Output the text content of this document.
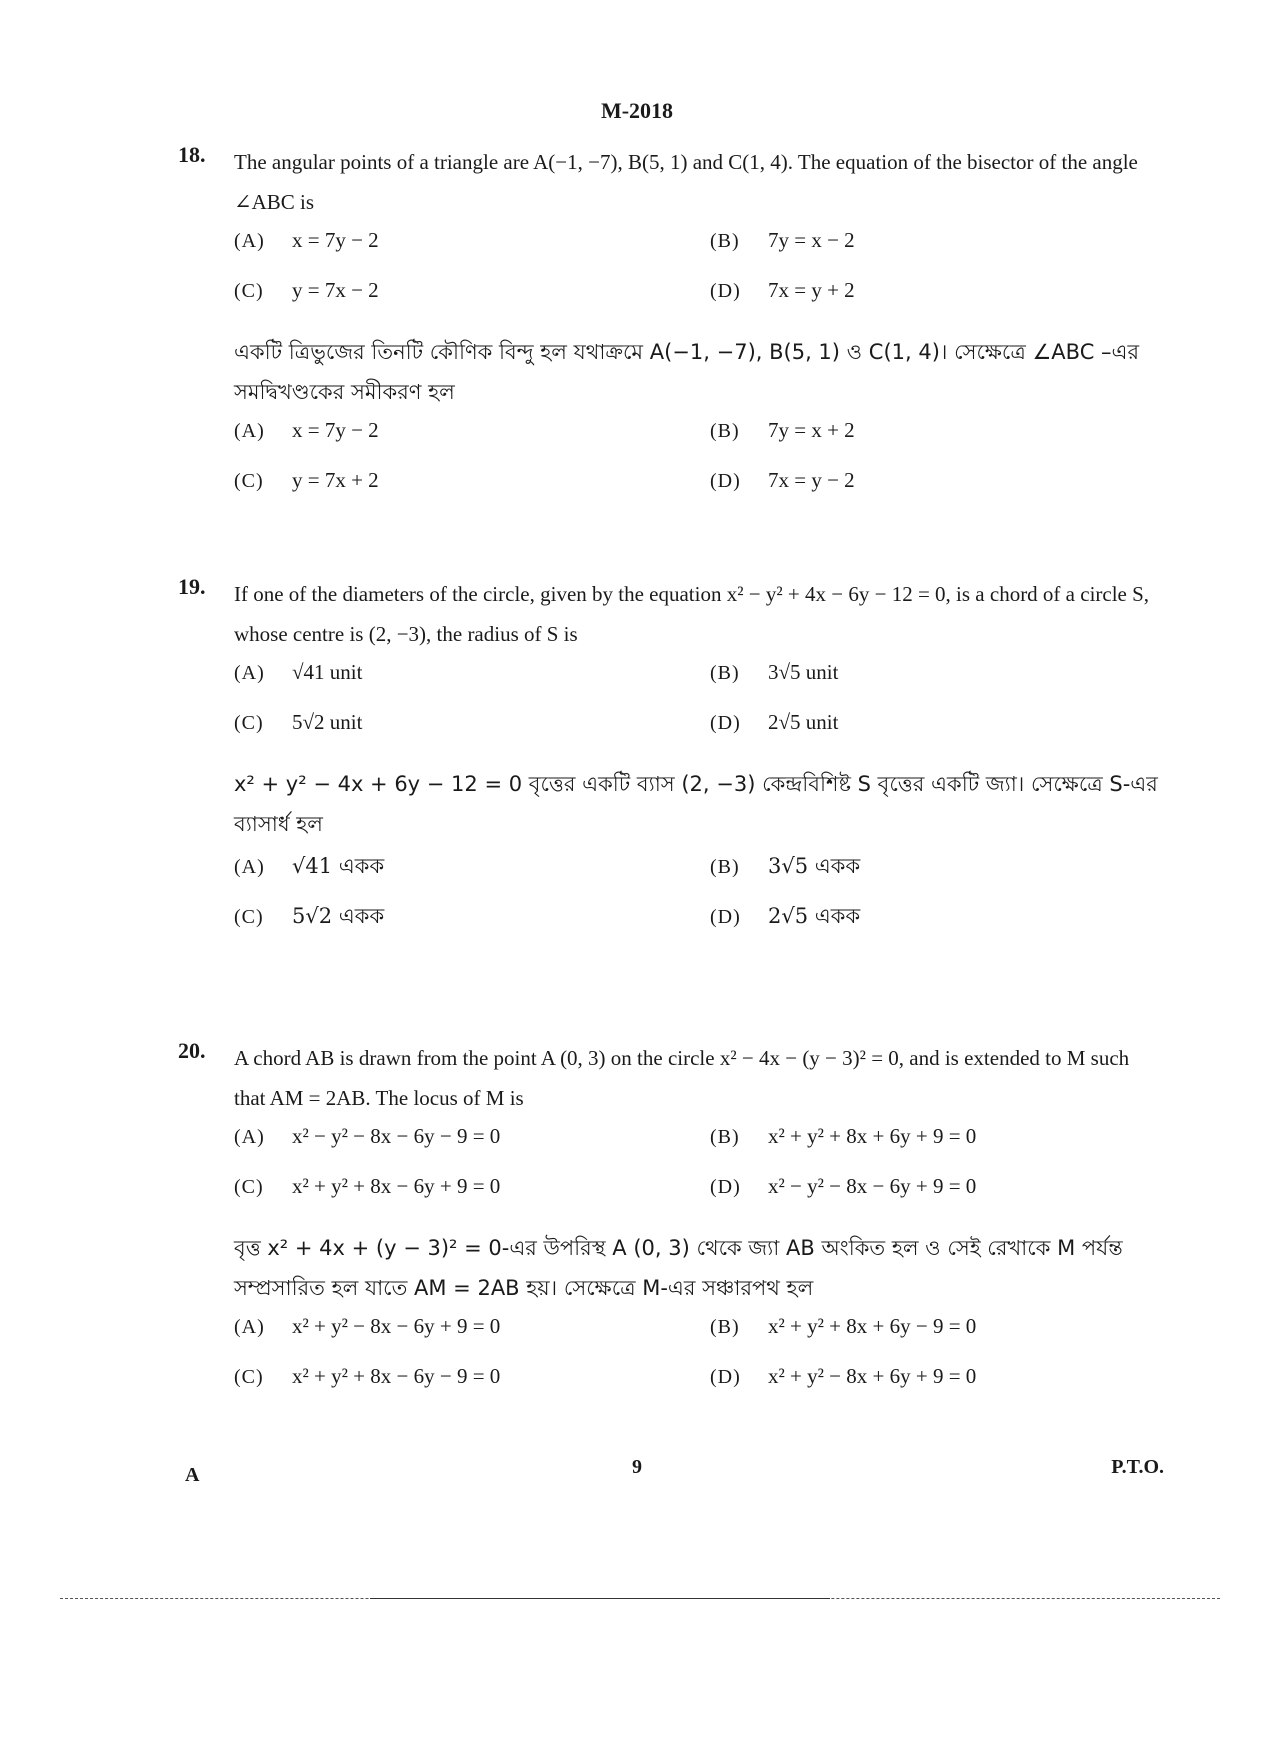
M-2018
18. The angular points of a triangle are A(−1, −7), B(5, 1) and C(1, 4). The equation of the bisector of the angle ∠ABC is
(A)	x = 7y − 2	(B)	7y = x − 2
(C)	y = 7x − 2	(D)	7x = y + 2
একটি ত্রিভুজের তিনটি কৌণিক বিন্দু হল যথাক্রমে A(−1, −7), B(5, 1) ও C(1, 4)। সেক্ষেত্রে ∠ABC –এর সমদ্বিখণ্ডকের সমীকরণ হল
(A)	x = 7y − 2	(B)	7y = x + 2
(C)	y = 7x + 2	(D)	7x = y − 2
19. If one of the diameters of the circle, given by the equation x² − y² + 4x − 6y − 12 = 0, is a chord of a circle S, whose centre is (2, −3), the radius of S is
(A)	√41 unit	(B)	3√5 unit
(C)	5√2 unit	(D)	2√5 unit
x² + y² − 4x + 6y − 12 = 0 বৃত্তের একটি ব্যাস (2, −3) কেন্দ্রবিশিষ্ট S বৃত্তের একটি জ্যা। সেক্ষেত্রে S-এর ব্যাসার্ধ হল
(A)	√41 একক	(B)	3√5 একক
(C)	5√2 একক	(D)	2√5 একক
20. A chord AB is drawn from the point A (0, 3) on the circle x² − 4x − (y − 3)² = 0, and is extended to M such that AM = 2AB. The locus of M is
(A)	x² − y² − 8x − 6y − 9 = 0	(B)	x² + y² + 8x + 6y + 9 = 0
(C)	x² + y² + 8x − 6y + 9 = 0	(D)	x² − y² − 8x − 6y + 9 = 0
বৃত্ত x² + 4x + (y − 3)² = 0-এর উপরিস্থ A (0, 3) থেকে জ্যা AB অংকিত হল ও সেই রেখাকে M পর্যন্ত সম্প্রসারিত হল যাতে AM = 2AB হয়। সেক্ষেত্রে M-এর সঞ্চারপথ হল
(A)	x² + y² − 8x − 6y + 9 = 0	(B)	x² + y² + 8x + 6y − 9 = 0
(C)	x² + y² + 8x − 6y − 9 = 0	(D)	x² + y² − 8x + 6y + 9 = 0
A	9	P.T.O.
